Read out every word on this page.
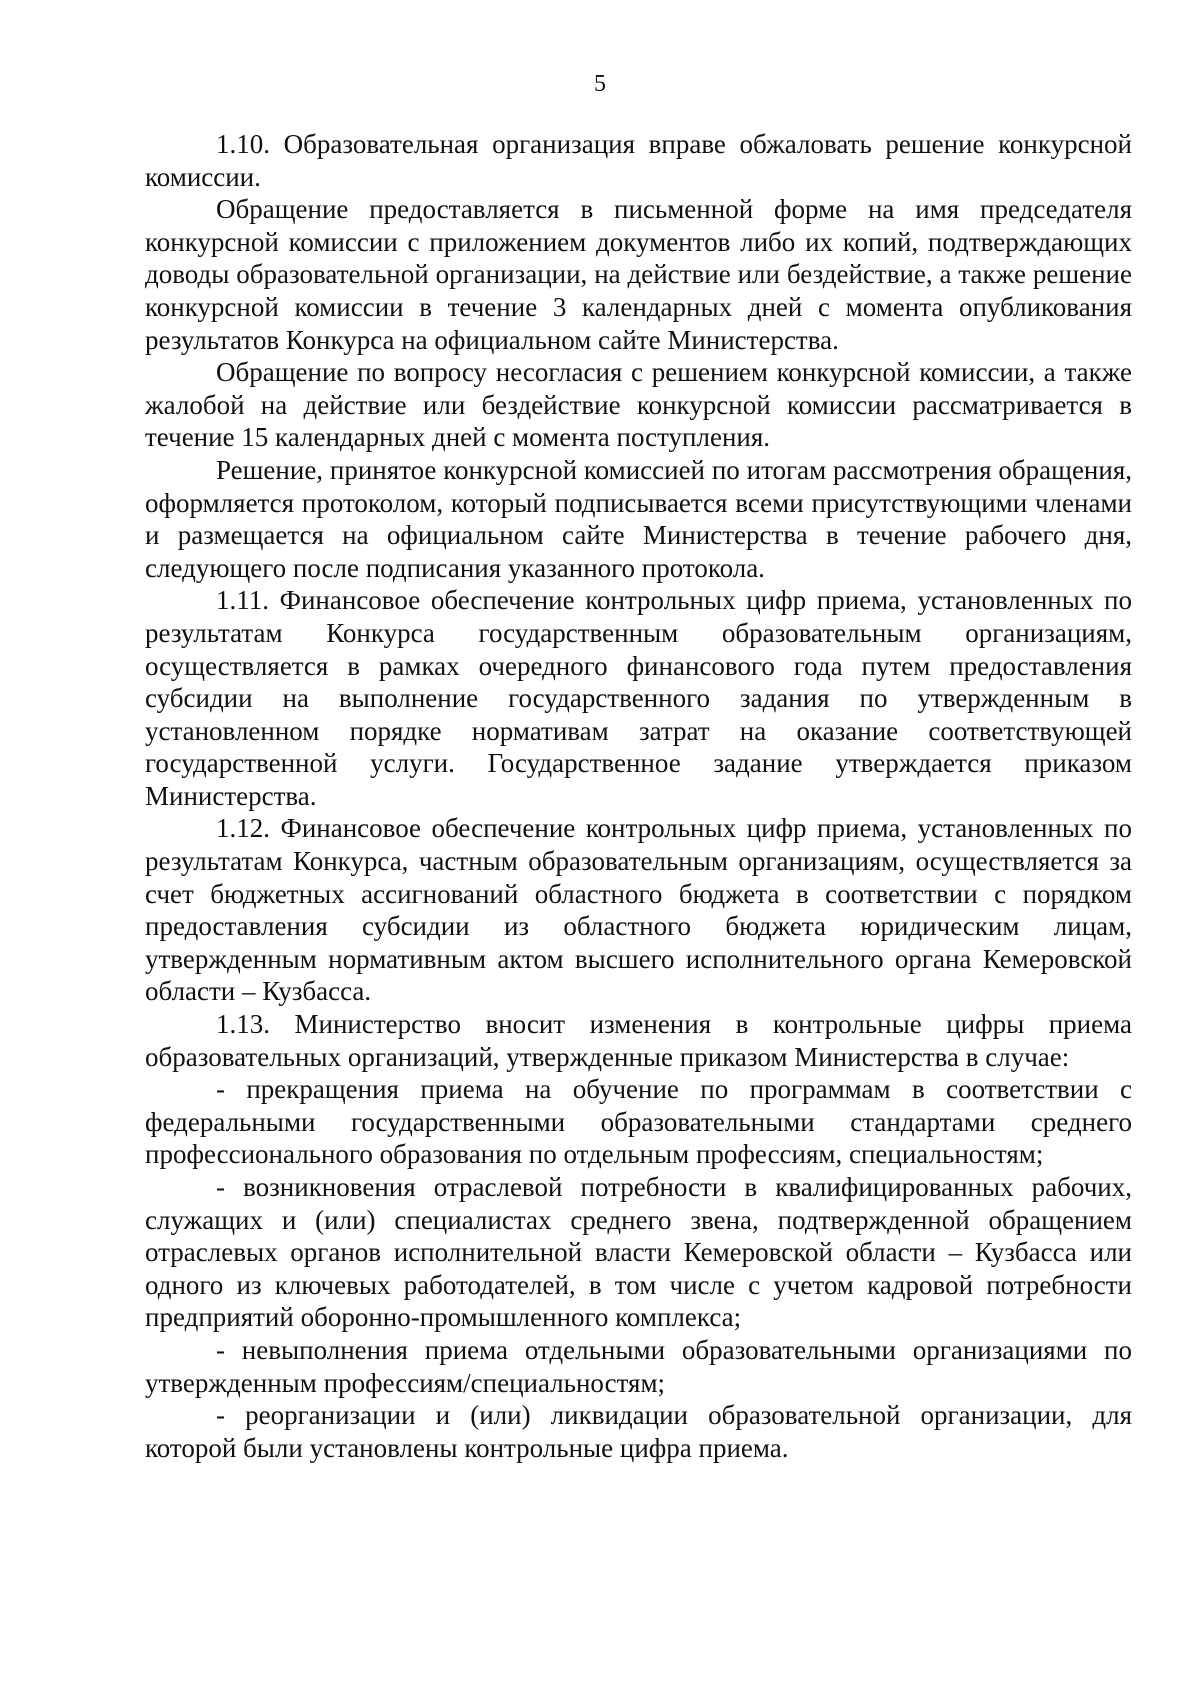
5

1.10. Образовательная организация вправе обжаловать решение конкурсной комиссии.

Обращение предоставляется в письменной форме на имя председателя конкурсной комиссии с приложением документов либо их копий, подтверждающих доводы образовательной организации, на действие или бездействие, а также решение конкурсной комиссии в течение 3 календарных дней с момента опубликования результатов Конкурса на официальном сайте Министерства.

Обращение по вопросу несогласия с решением конкурсной комиссии, а также жалобой на действие или бездействие конкурсной комиссии рассматривается в течение 15 календарных дней с момента поступления.

Решение, принятое конкурсной комиссией по итогам рассмотрения обращения, оформляется протоколом, который подписывается всеми присутствующими членами и размещается на официальном сайте Министерства в течение рабочего дня, следующего после подписания указанного протокола.

1.11. Финансовое обеспечение контрольных цифр приема, установленных по результатам Конкурса государственным образовательным организациям, осуществляется в рамках очередного финансового года путем предоставления субсидии на выполнение государственного задания по утвержденным в установленном порядке нормативам затрат на оказание соответствующей государственной услуги. Государственное задание утверждается приказом Министерства.

1.12. Финансовое обеспечение контрольных цифр приема, установленных по результатам Конкурса, частным образовательным организациям, осуществляется за счет бюджетных ассигнований областного бюджета в соответствии с порядком предоставления субсидии из областного бюджета юридическим лицам, утвержденным нормативным актом высшего исполнительного органа Кемеровской области – Кузбасса.

1.13. Министерство вносит изменения в контрольные цифры приема образовательных организаций, утвержденные приказом Министерства в случае:

- прекращения приема на обучение по программам в соответствии с федеральными государственными образовательными стандартами среднего профессионального образования по отдельным профессиям, специальностям;

- возникновения отраслевой потребности в квалифицированных рабочих, служащих и (или) специалистах среднего звена, подтвержденной обращением отраслевых органов исполнительной власти Кемеровской области – Кузбасса или одного из ключевых работодателей, в том числе с учетом кадровой потребности предприятий оборонно-промышленного комплекса;

- невыполнения приема отдельными образовательными организациями по утвержденным профессиям/специальностям;

- реорганизации и (или) ликвидации образовательной организации, для которой были установлены контрольные цифра приема.
